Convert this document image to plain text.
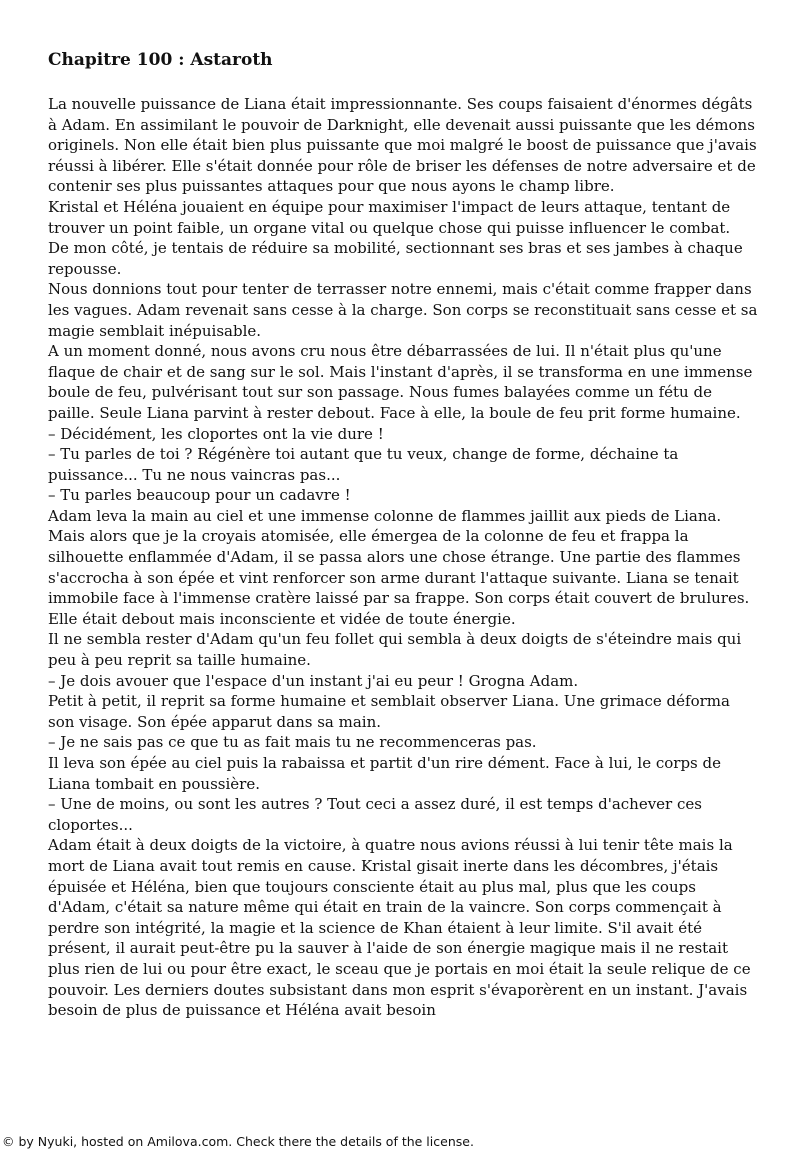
Chapitre 100 : Astaroth

La nouvelle puissance de Liana était impressionnante. Ses coups faisaient d'énormes dégâts à Adam. En assimilant le pouvoir de Darknight, elle devenait aussi puissante que les démons originels. Non elle était bien plus puissante que moi malgré le boost de puissance que j'avais réussi à libérer. Elle s'était donnée pour rôle de briser les défenses de notre adversaire et de contenir ses plus puissantes attaques pour que nous ayons le champ libre.

Kristal et Héléna jouaient en équipe pour maximiser l'impact de leurs attaque, tentant de trouver un point faible, un organe vital ou quelque chose qui puisse influencer le combat.

De mon côté, je tentais de réduire sa mobilité, sectionnant ses bras et ses jambes à chaque repousse.

Nous donnions tout pour tenter de terrasser notre ennemi, mais c'était comme frapper dans les vagues. Adam revenait sans cesse à la charge. Son corps se reconstituait sans cesse et sa magie semblait inépuisable.

A un moment donné, nous avons cru nous être débarrassées de lui. Il n'était plus qu'une flaque de chair et de sang sur le sol. Mais l'instant d'après, il se transforma en une immense boule de feu, pulvérisant tout sur son passage. Nous fumes balayées comme un fétu de paille. Seule Liana parvint à rester debout. Face à elle, la boule de feu prit forme humaine.

– Décidément, les cloportes ont la vie dure !

– Tu parles de toi ? Régénère toi autant que tu veux, change de forme, déchaine ta puissance... Tu ne nous vaincras pas...

– Tu parles beaucoup pour un cadavre !

Adam leva la main au ciel et une immense colonne de flammes jaillit aux pieds de Liana. Mais alors que je la croyais atomisée, elle émergea de la colonne de feu et frappa la silhouette enflammée d'Adam, il se passa alors une chose étrange. Une partie des flammes s'accrocha à son épée et vint renforcer son arme durant l'attaque suivante. Liana se tenait immobile face à l'immense cratère laissé par sa frappe. Son corps était couvert de brulures. Elle était debout mais inconsciente et vidée de toute énergie.

Il ne sembla rester d'Adam qu'un feu follet qui sembla à deux doigts de s'éteindre mais qui peu à peu reprit sa taille humaine.

– Je dois avouer que l'espace d'un instant j'ai eu peur ! Grogna Adam.

Petit à petit, il reprit sa forme humaine et semblait observer Liana. Une grimace déforma son visage. Son épée apparut dans sa main.

– Je ne sais pas ce que tu as fait mais tu ne recommenceras pas.

Il leva son épée au ciel puis la rabaissa et partit d'un rire dément. Face à lui, le corps de Liana tombait en poussière.

– Une de moins, ou sont les autres ? Tout ceci a assez duré, il est temps d'achever ces cloportes...

Adam était à deux doigts de la victoire, à quatre nous avions réussi à lui tenir tête mais la mort de Liana avait tout remis en cause. Kristal gisait inerte dans les décombres, j'étais épuisée et Héléna, bien que toujours consciente était au plus mal, plus que les coups d'Adam, c'était sa nature même qui était en train de la vaincre. Son corps commençait à perdre son intégrité, la magie et la science de Khan étaient à leur limite. S'il avait été présent, il aurait peut-être pu la sauver à l'aide de son énergie magique mais il ne restait plus rien de lui ou pour être exact, le sceau que je portais en moi était la seule relique de ce pouvoir. Les derniers doutes subsistant dans mon esprit s'évaporèrent en un instant. J'avais besoin de plus de puissance et Héléna avait besoin

© by Nyuki, hosted on Amilova.com. Check there the details of the license.
